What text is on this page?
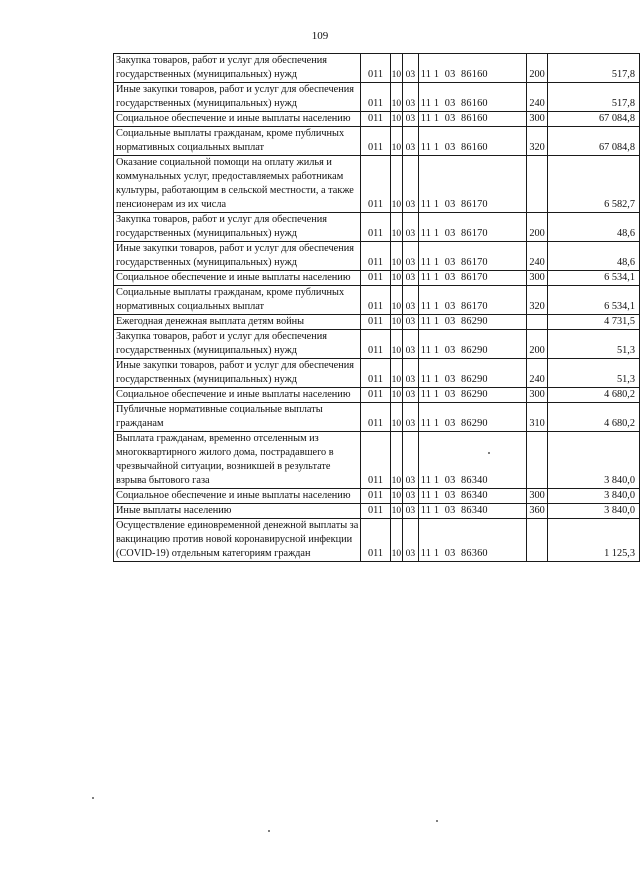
109
Закупка товаров, работ и услуг для обеспечения государственных (муниципальных) нужд	011	10	03	11 1  03  86160	200	517,8
Иные закупки товаров, работ и услуг для обеспечения государственных (муниципальных) нужд	011	10	03	11 1  03  86160	240	517,8
Социальное обеспечение и иные выплаты населению	011	10	03	11 1  03  86160	300	67 084,8
Социальные выплаты гражданам, кроме публичных нормативных социальных выплат	011	10	03	11 1  03  86160	320	67 084,8
Оказание социальной помощи на оплату жилья и коммунальных услуг, предоставляемых работникам культуры, работающим в сельской местности, а также пенсионерам из их числа	011	10	03	11 1  03  86170		6 582,7
Закупка товаров, работ и услуг для обеспечения государственных (муниципальных) нужд	011	10	03	11 1  03  86170	200	48,6
Иные закупки товаров, работ и услуг для обеспечения государственных (муниципальных) нужд	011	10	03	11 1  03  86170	240	48,6
Социальное обеспечение и иные выплаты населению	011	10	03	11 1  03  86170	300	6 534,1
Социальные выплаты гражданам, кроме публичных нормативных социальных выплат	011	10	03	11 1  03  86170	320	6 534,1
Ежегодная денежная выплата детям войны	011	10	03	11 1  03  86290		4 731,5
Закупка товаров, работ и услуг для обеспечения государственных (муниципальных) нужд	011	10	03	11 1  03  86290	200	51,3
Иные закупки товаров, работ и услуг для обеспечения государственных (муниципальных) нужд	011	10	03	11 1  03  86290	240	51,3
Социальное обеспечение и иные выплаты населению	011	10	03	11 1  03  86290	300	4 680,2
Публичные нормативные социальные выплаты гражданам	011	10	03	11 1  03  86290	310	4 680,2
Выплата гражданам, временно отселенным из многоквартирного жилого дома, пострадавшего в чрезвычайной ситуации, возникшей в результате взрыва бытового газа	011	10	03	11 1  03  86340		3 840,0
Социальное обеспечение и иные выплаты населению	011	10	03	11 1  03  86340	300	3 840,0
Иные выплаты населению	011	10	03	11 1  03  86340	360	3 840,0
Осуществление единовременной денежной выплаты за вакцинацию против новой коронавирусной инфекции (COVID-19) отдельным категориям граждан	011	10	03	11 1  03  86360		1 125,3
